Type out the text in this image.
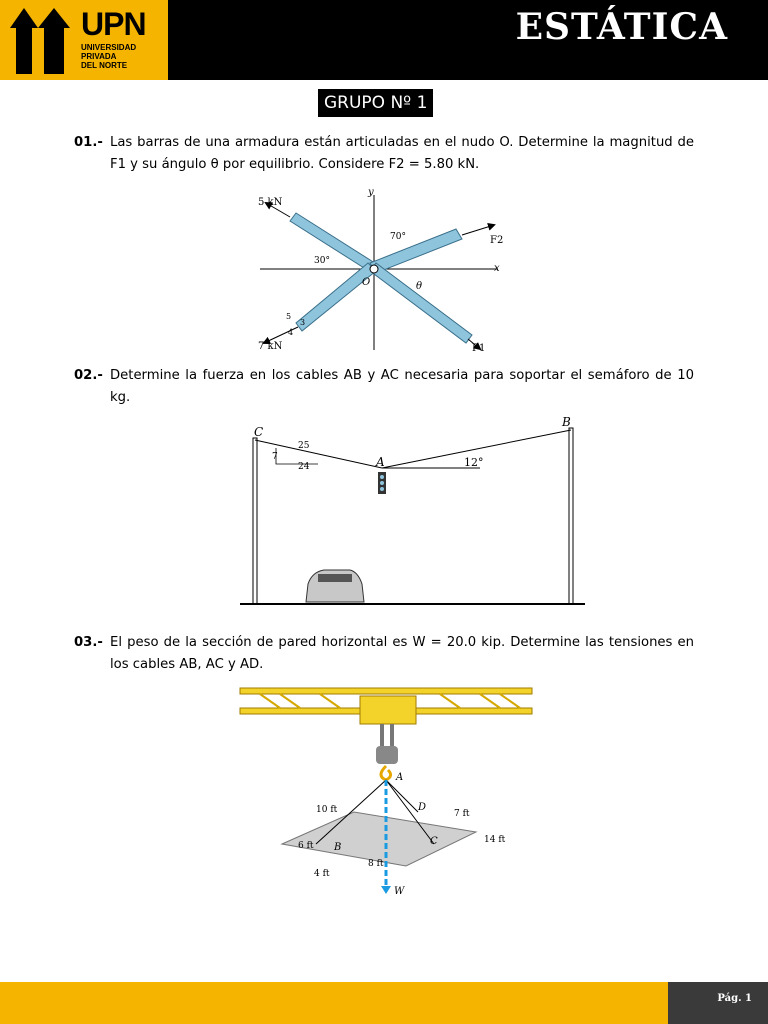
UPN
UNIVERSIDAD
PRIVADA
DEL NORTE
ESTÁTICA
GRUPO Nº 1
01.- Las barras de una armadura están articuladas en el nudo O. Determine la magnitud de F1 y su ángulo θ por equilibrio. Considere F2 = 5.80 kN.
5 kN
7 kN
F2
F1
70°
30°
θ
O
x
y
5
3
4
02.- Determine la fuerza en los cables AB y AC necesaria para soportar el semáforo de 10 kg.
C
B
A
25
7
24	12°
03.- El peso de la sección de pared horizontal es W = 20.0 kip. Determine las tensiones en los cables AB, AC y AD.
A
B
C
D
W
10 ft	7 ft
14 ft
6 ft
8 ft
4 ft
Pág. 1
